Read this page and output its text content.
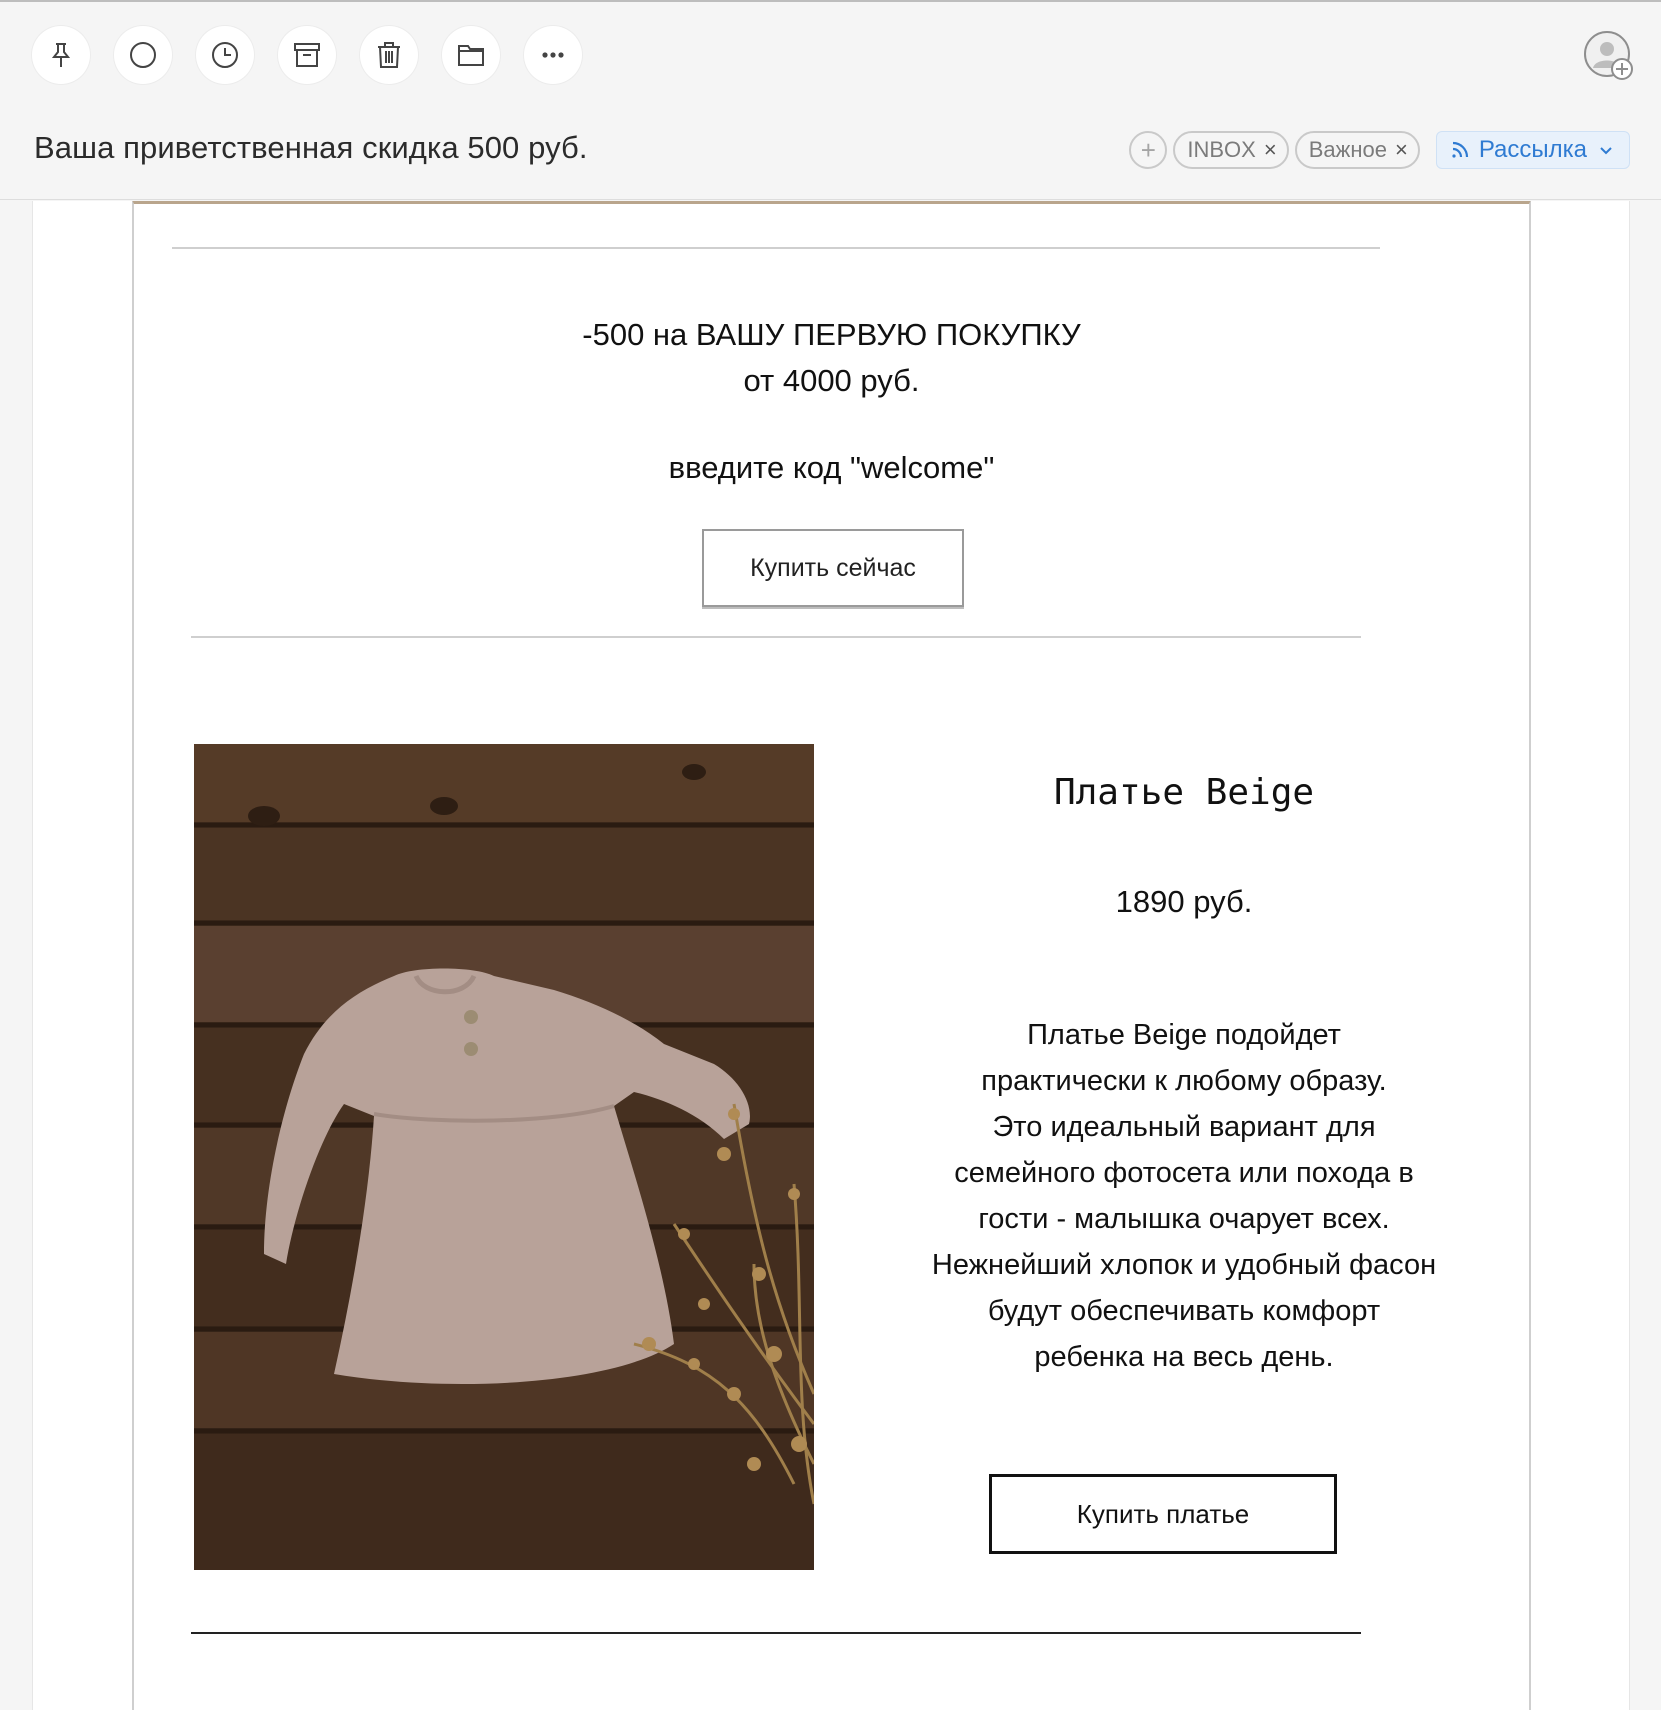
Ваша приветственная скидка 500 руб.	+	INBOX × Важное ×	Рассылка
-500 на ВАШУ ПЕРВУЮ ПОКУПКУ
от 4000 руб.
введите код "welcome"
Купить сейчас
Платье Beige
1890 руб.
Платье Beige подойдет
практически к любому образу.
Это идеальный вариант для
семейного фотосета или похода в
гости - малышка очарует всех.
Нежнейший хлопок и удобный фасон
будут обеспечивать комфорт
ребенка на весь день.
Купить платье
